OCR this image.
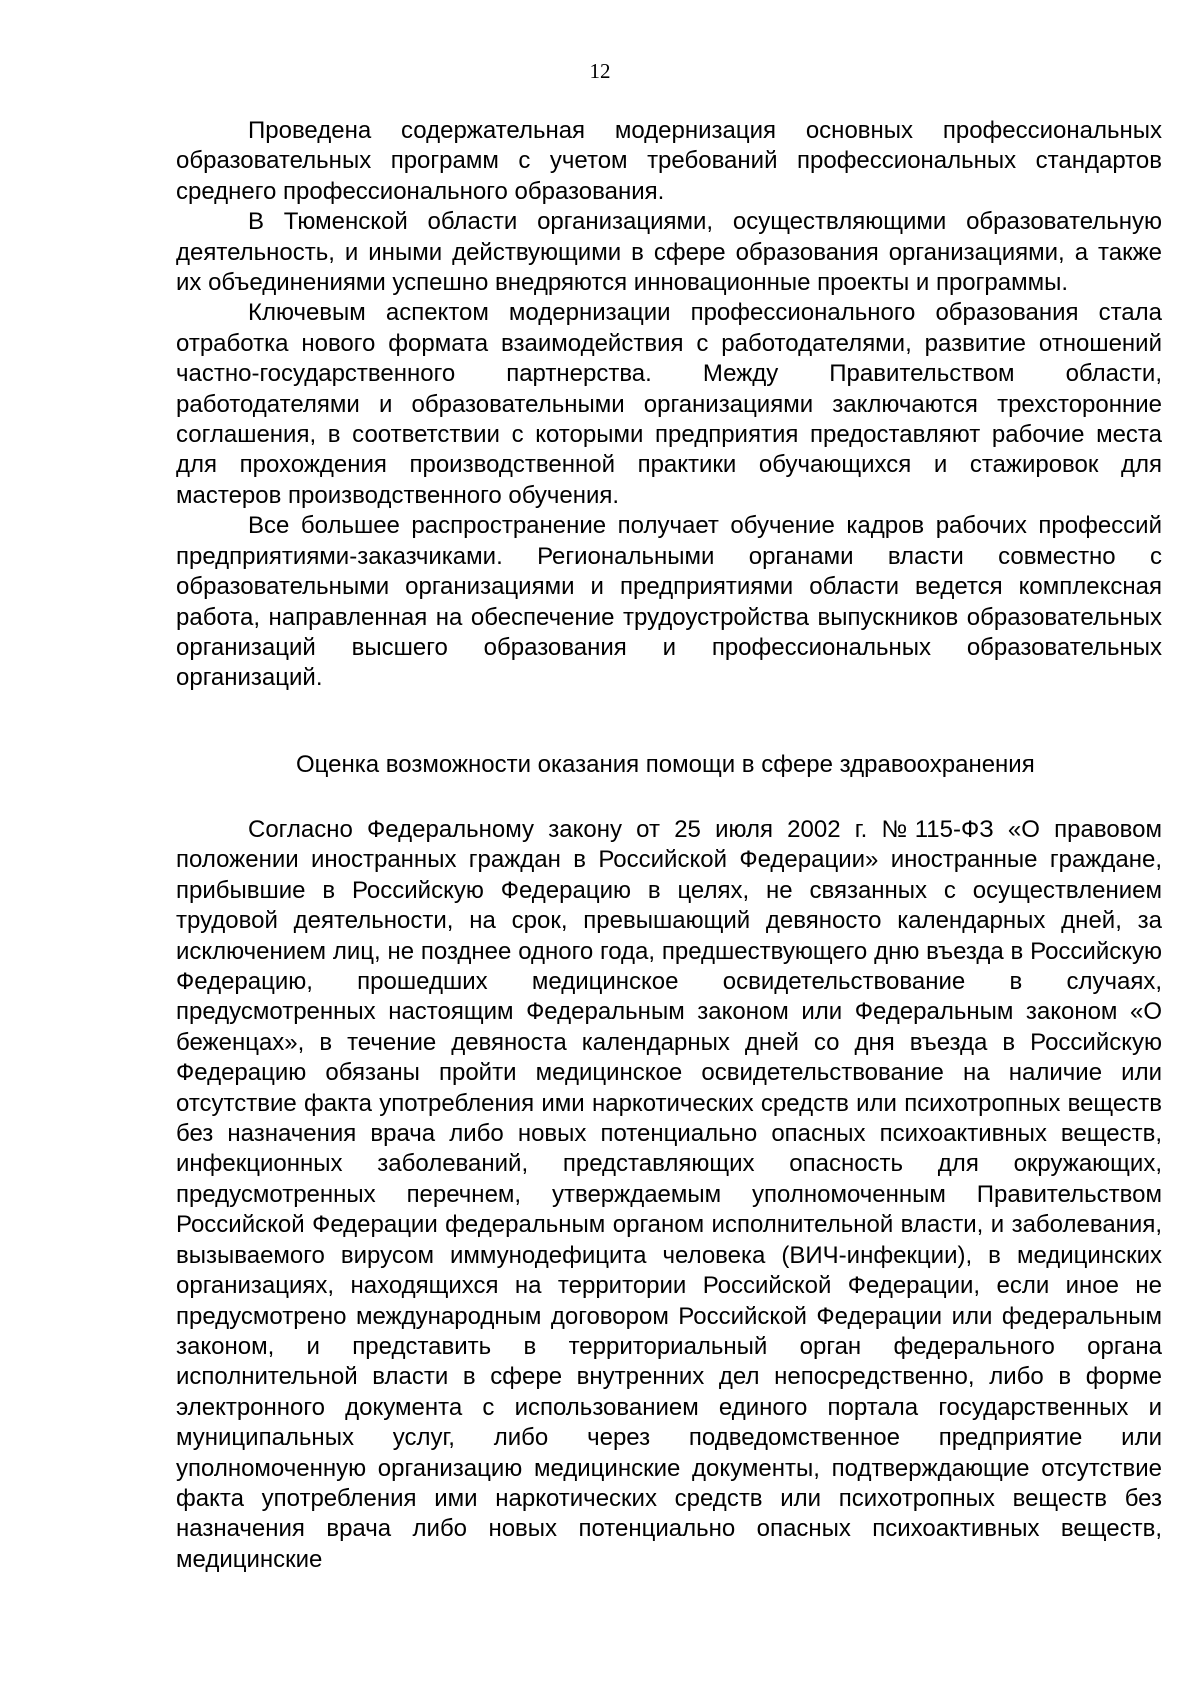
12

Проведена содержательная модернизация основных профессиональных образовательных программ с учетом требований профессиональных стандартов среднего профессионального образования.

В Тюменской области организациями, осуществляющими образовательную деятельность, и иными действующими в сфере образования организациями, а также их объединениями успешно внедряются инновационные проекты и программы.

Ключевым аспектом модернизации профессионального образования стала отработка нового формата взаимодействия с работодателями, развитие отношений частно-государственного партнерства. Между Правительством области, работодателями и образовательными организациями заключаются трехсторонние соглашения, в соответствии с которыми предприятия предоставляют рабочие места для прохождения производственной практики обучающихся и стажировок для мастеров производственного обучения.

Все большее распространение получает обучение кадров рабочих профессий предприятиями-заказчиками. Региональными органами власти совместно с образовательными организациями и предприятиями области ведется комплексная работа, направленная на обеспечение трудоустройства выпускников образовательных организаций высшего образования и профессиональных образовательных организаций.

Оценка возможности оказания помощи в сфере здравоохранения

Согласно Федеральному закону от 25 июля 2002 г. №115-ФЗ «О правовом положении иностранных граждан в Российской Федерации» иностранные граждане, прибывшие в Российскую Федерацию в целях, не связанных с осуществлением трудовой деятельности, на срок, превышающий девяносто календарных дней, за исключением лиц, не позднее одного года, предшествующего дню въезда в Российскую Федерацию, прошедших медицинское освидетельствование в случаях, предусмотренных настоящим Федеральным законом или Федеральным законом «О беженцах», в течение девяноста календарных дней со дня въезда в Российскую Федерацию обязаны пройти медицинское освидетельствование на наличие или отсутствие факта употребления ими наркотических средств или психотропных веществ без назначения врача либо новых потенциально опасных психоактивных веществ, инфекционных заболеваний, представляющих опасность для окружающих, предусмотренных перечнем, утверждаемым уполномоченным Правительством Российской Федерации федеральным органом исполнительной власти, и заболевания, вызываемого вирусом иммунодефицита человека (ВИЧ-инфекции), в медицинских организациях, находящихся на территории Российской Федерации, если иное не предусмотрено международным договором Российской Федерации или федеральным законом, и представить в территориальный орган федерального органа исполнительной власти в сфере внутренних дел непосредственно, либо в форме электронного документа с использованием единого портала государственных и муниципальных услуг, либо через подведомственное предприятие или уполномоченную организацию медицинские документы, подтверждающие отсутствие факта употребления ими наркотических средств или психотропных веществ без назначения врача либо новых потенциально опасных психоактивных веществ, медицинские
